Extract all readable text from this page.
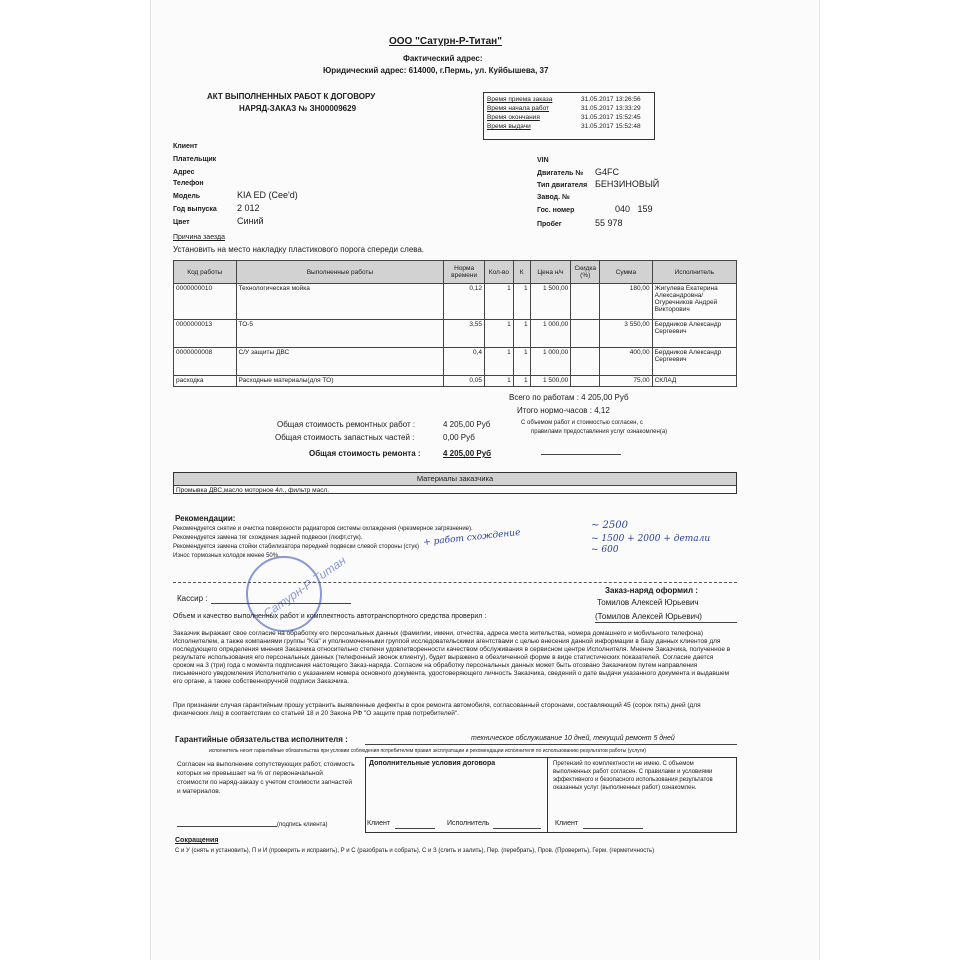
ООО "Сатурн-Р-Титан"
Фактический адрес:
Юридический адрес: 614000, г.Пермь, ул. Куйбышева, 37
АКТ ВЫПОЛНЕННЫХ РАБОТ К ДОГОВОРУ
НАРЯД-ЗАКАЗ № ЗН00009629
Время приема заказа	31.05.2017 13:26:56
Время начала работ	31.05.2017 13:33:29
Время окончания	31.05.2017 15:52:45
Время выдачи	31.05.2017 15:52:48
Клиент
Плательщик
Адрес
Телефон
Модель	KIA ED (Cee'd)
Год выпуска 2 012
Цвет	Синий
VIN
Двигатель № G4FC
Тип двигателя БЕНЗИНОВЫЙ
Завод. №
Гос. номер	040   159
Пробег	55 978
Причина заезда
Установить на место накладку пластикового порога спереди слева.
Код работы	Выполненные работы	Норма времени	Кол-во	К	Цена н/ч	Скидка (%)	Сумма	Исполнитель
0000000010	Технологическая мойка	0,12	1	1	1 500,00		180,00	Жигулева Екатерина Александровна/Огуречников Андрей Викторович
0000000013	ТО-5	3,55	1	1	1 000,00		3 550,00	Бердников Александр Сергеевич
0000000008	С/У защиты ДВС	0,4	1	1	1 000,00		400,00	Бердников Александр Сергеевич
расходка	Расходные материалы(для ТО)	0,05	1	1	1 500,00		75,00	СКЛАД
Всего по работам : 4 205,00 Руб
Итого нормо-часов : 4,12
Общая стоимость ремонтных работ :	4 205,00 Руб
Общая стоимость запастных частей :	0,00 Руб
Общая стоимость ремонта :	4 205,00 Руб
С объемом работ и стоимостью согласен, с
правилами предоставления услуг ознакомлен(а)
Материалы заказчика
Промывка ДВС,масло моторное 4л., фильтр масл.
Рекомендации:
Рекомендуется снятие и очистка поверхности радиаторов системы охлаждения (чрезмерное загрязнение).
Рекомендуется замена тяг схождения задней подвески (люфт,стук).
Рекомендуется замена стойки стабилизатора передней подвески слевой стороны (стук)
Износ тормозных колодок менее 50%.
~ 2500
+ работ схождение	~ 1500 + 2000 + детали
~ 600
Сатурн-Р-Титан
Кассир :
Заказ-наряд оформил :
Томилов Алексей Юрьевич
Объем и качество выполненных работ и комплектность автотранспортного средства проверил :	(Томилов Алексей Юрьевич)
Заказчик выражает свое согласие на обработку его персональных данных (фамилии, имени, отчества, адреса места жительства, номера домашнего и мобильного телефона) Исполнителем, а также компаниями группы "Kia" и уполномоченными группой исследовательскими агентствами с целью внесения данной информации в базу данных клиентов для последующего определения мнения Заказчика относительно степени удовлетворенности качеством обслуживания в сервисном центре Исполнителя. Мнение Заказчика, полученное в результате использования его персональных данных (телефонный звонок клиенту), будет выражено в обезличенной форме в виде статистических показателей. Согласие дается сроком на 3 (три) года с момента подписания настоящего Заказ-наряда. Согласие на обработку персональных данных может быть отозвано Заказчиком путем направления письменного уведомления Исполнителю с указанием номера основного документа, удостоверяющего личность Заказчика, сведений о дате выдачи указанного документа и выдавшем его органе, а также собственноручной подписи Заказчика.
При признании случая гарантийным прошу устранить выявленные дефекты в срок ремонта автомобиля, согласованный сторонами, составляющий 45 (сорок пять) дней (для физических лиц) в соответствии со статьей 18 и 20 Закона РФ "О защите прав потребителей".
Гарантийные обязательства исполнителя :	техническое обслуживание 10 дней, текущий ремонт 5 дней
исполнитель несет гарантийные обязательства при условии соблюдения потребителем правил эксплуатации и рекомендации исполнителя по использованию результатов работы (услуги)
Согласен на выполнение сопутствующих работ, стоимость которых не превышает на % от первоначальной стоимости по наряд-заказу с учетом стоимости запчастей и материалов.
(подпись клиента)
Дополнительные условия договора
Клиент	Исполнитель
Претензий по комплектности не имею. С объемом выполненных работ согласен. С правилами и условиями эффективного и безопасного использования результатов оказанных услуг (выполненных работ) ознакомлен.
Клиент
Сокращения
С и У (снять и установить), П и И (проверить и исправить), Р и С (разобрать и собрать), С и З (слить и залить), Пер. (перебрать), Пров. (Проверить), Герм. (герметичность)
